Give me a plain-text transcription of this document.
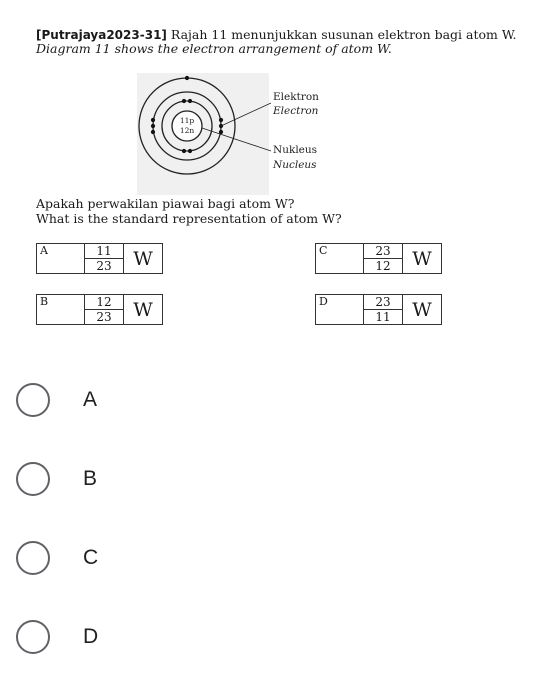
[Putrajaya2023-31] Rajah 11 menunjukkan susunan elektron bagi atom W.
Diagram 11 shows the electron arrangement of atom W.
11p
12n
Elektron
Electron
Nukleus
Nucleus
Apakah perwakilan piawai bagi atom W?
What is the standard representation of atom W?
A	11	W
	23	
C	23	W
	12	
B	12	W
	23	
D	23	W
	11	
A
B
C
D
